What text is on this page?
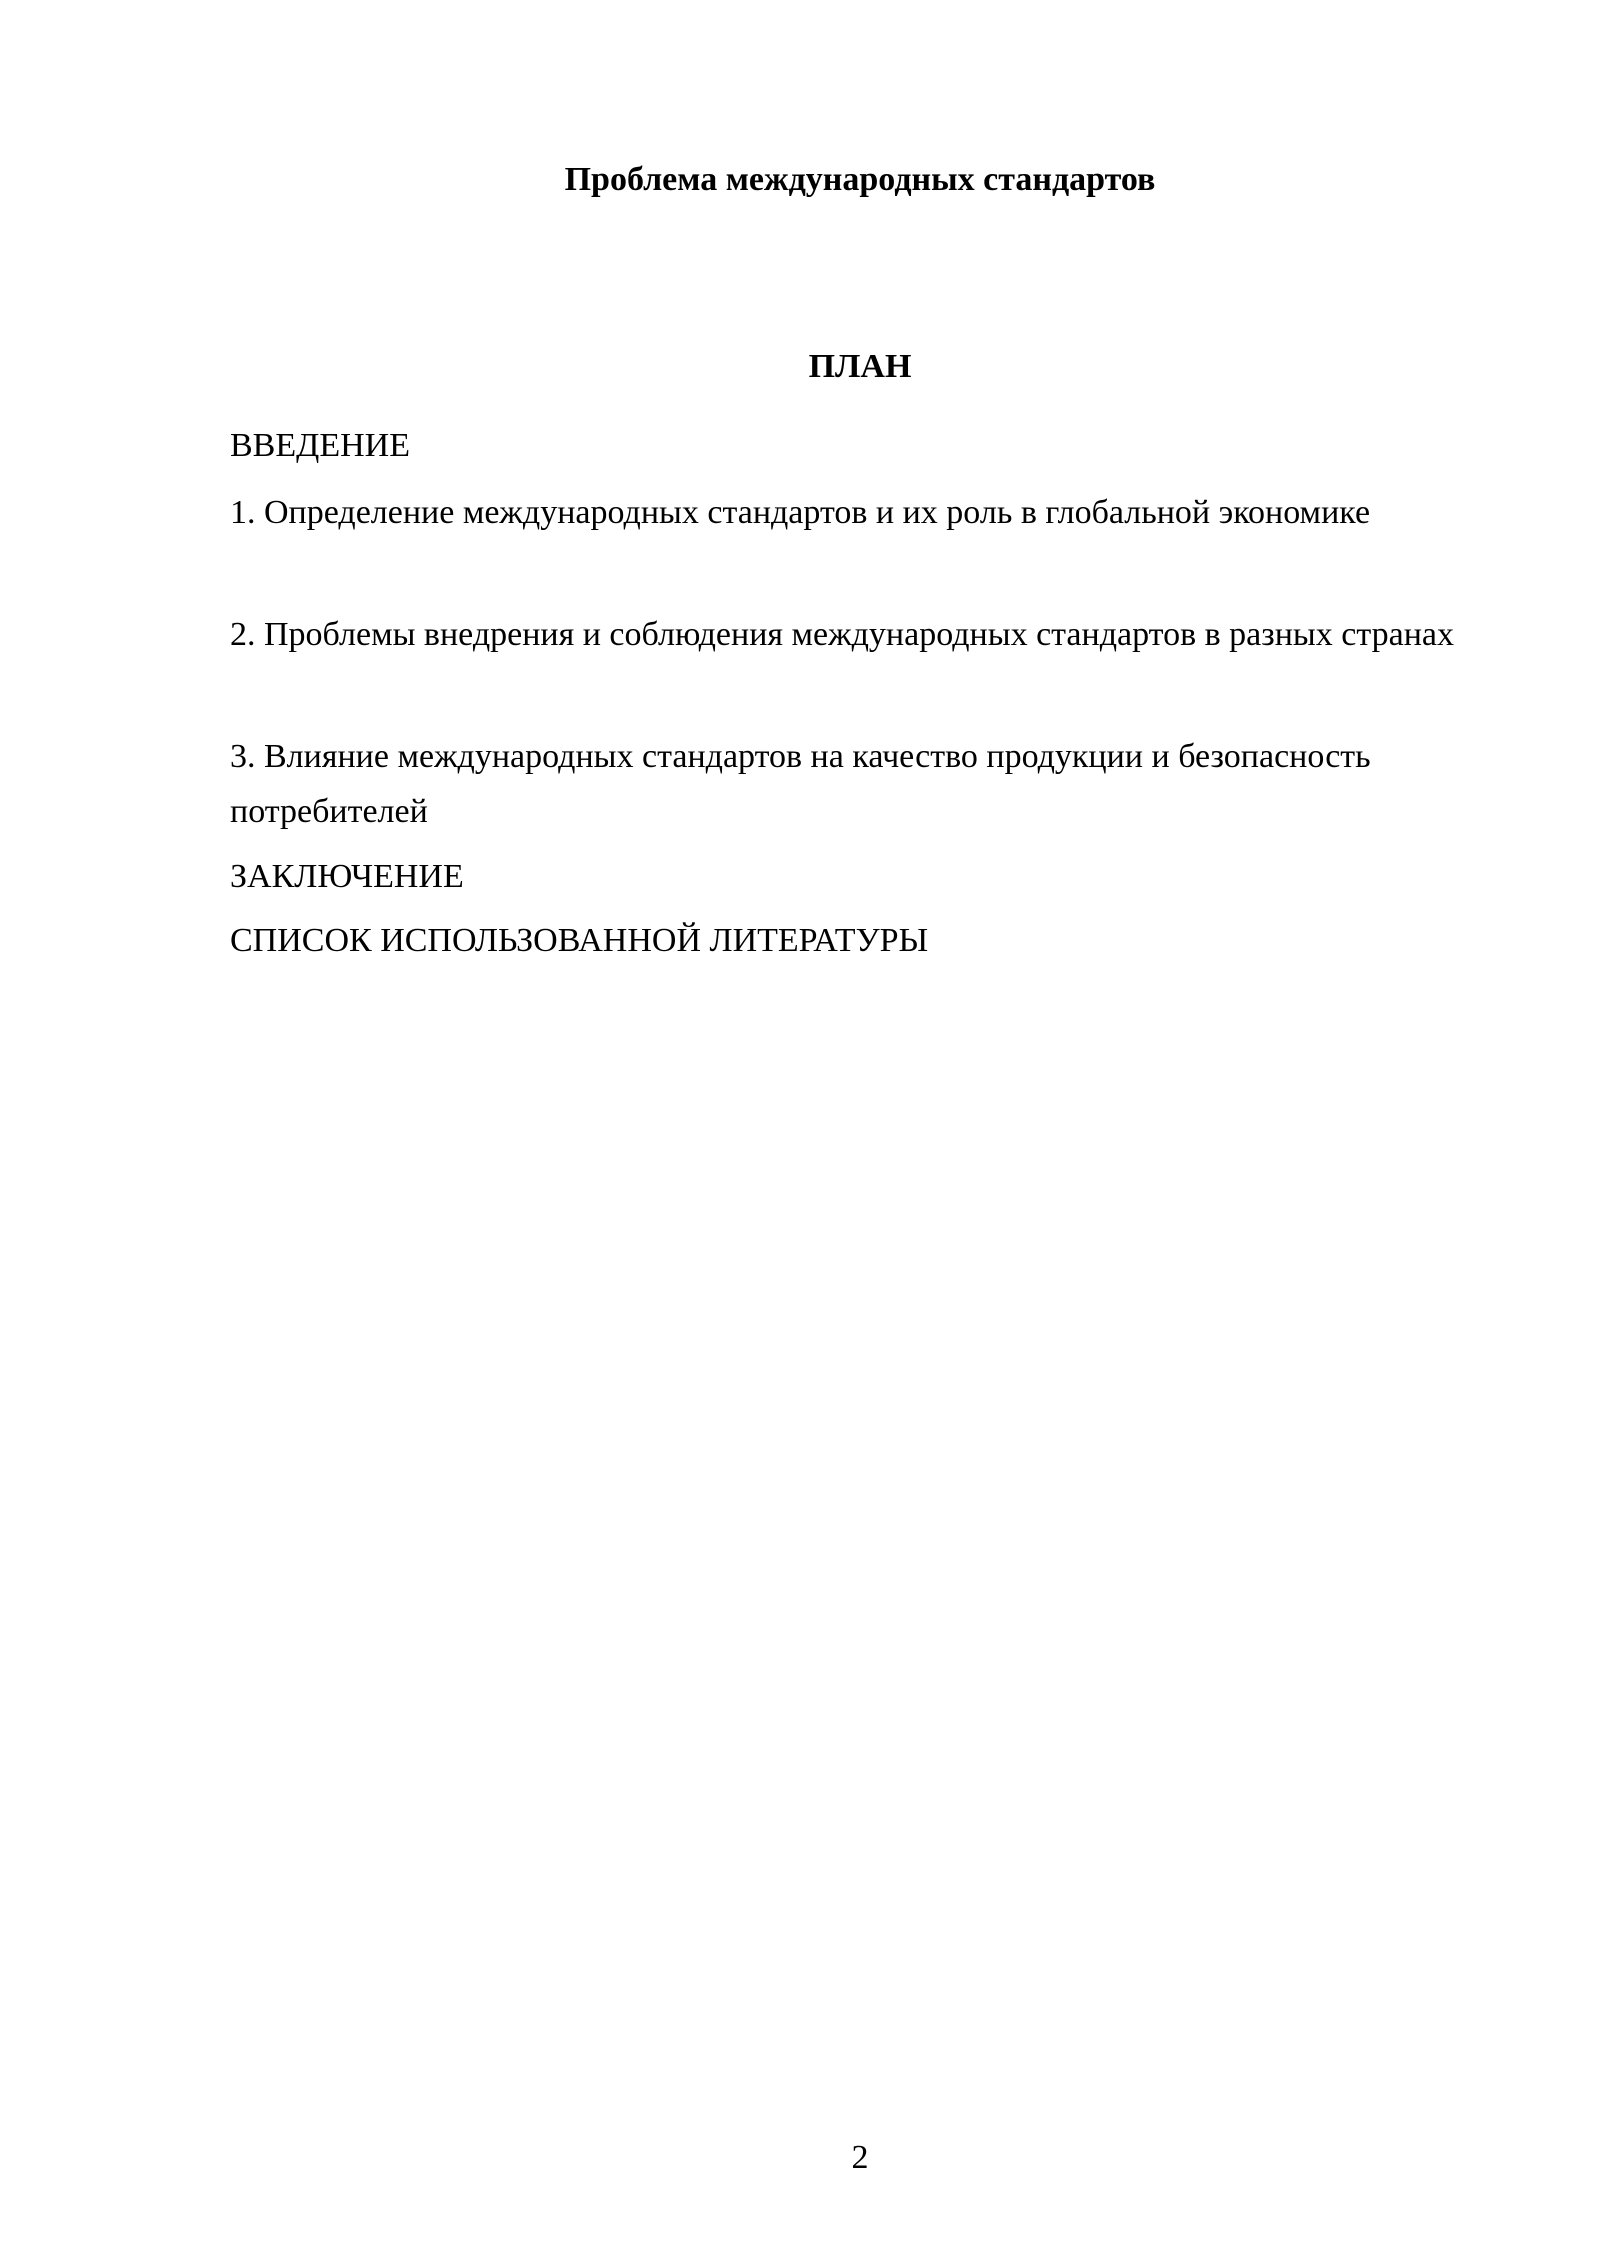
Проблема международных стандартов
ПЛАН
ВВЕДЕНИЕ
1. Определение международных стандартов и их роль в глобальной экономике
2. Проблемы внедрения и соблюдения международных стандартов в разных странах
3. Влияние международных стандартов на качество продукции и безопасность потребителей
ЗАКЛЮЧЕНИЕ
СПИСОК ИСПОЛЬЗОВАННОЙ ЛИТЕРАТУРЫ
2
